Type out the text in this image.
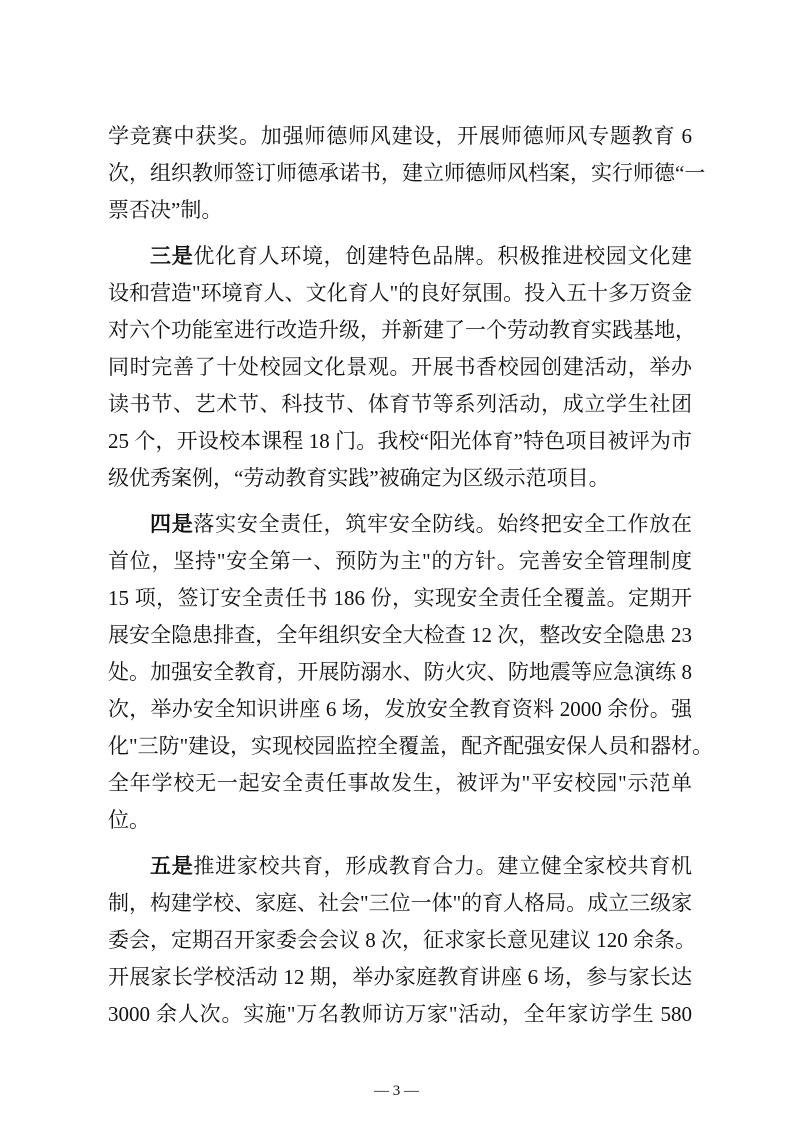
学竞赛中获奖。加强师德师风建设，开展师德师风专题教育 6
次，组织教师签订师德承诺书，建立师德师风档案，实行师德“一
票否决”制。
三是优化育人环境，创建特色品牌。积极推进校园文化建
设和营造"环境育人、文化育人"的良好氛围。投入五十多万资金
对六个功能室进行改造升级，并新建了一个劳动教育实践基地，
同时完善了十处校园文化景观。开展书香校园创建活动，举办
读书节、艺术节、科技节、体育节等系列活动，成立学生社团
25 个，开设校本课程 18 门。我校“阳光体育”特色项目被评为市
级优秀案例，“劳动教育实践”被确定为区级示范项目。
四是落实安全责任，筑牢安全防线。始终把安全工作放在
首位，坚持"安全第一、预防为主"的方针。完善安全管理制度
15 项，签订安全责任书 186 份，实现安全责任全覆盖。定期开
展安全隐患排查，全年组织安全大检查 12 次，整改安全隐患 23
处。加强安全教育，开展防溺水、防火灾、防地震等应急演练 8
次，举办安全知识讲座 6 场，发放安全教育资料 2000 余份。强
化"三防"建设，实现校园监控全覆盖，配齐配强安保人员和器材。
全年学校无一起安全责任事故发生，被评为"平安校园"示范单
位。
五是推进家校共育，形成教育合力。建立健全家校共育机
制，构建学校、家庭、社会"三位一体"的育人格局。成立三级家
委会，定期召开家委会会议 8 次，征求家长意见建议 120 余条。
开展家长学校活动 12 期，举办家庭教育讲座 6 场，参与家长达
3000 余人次。实施"万名教师访万家"活动，全年家访学生 580
— 3 —
